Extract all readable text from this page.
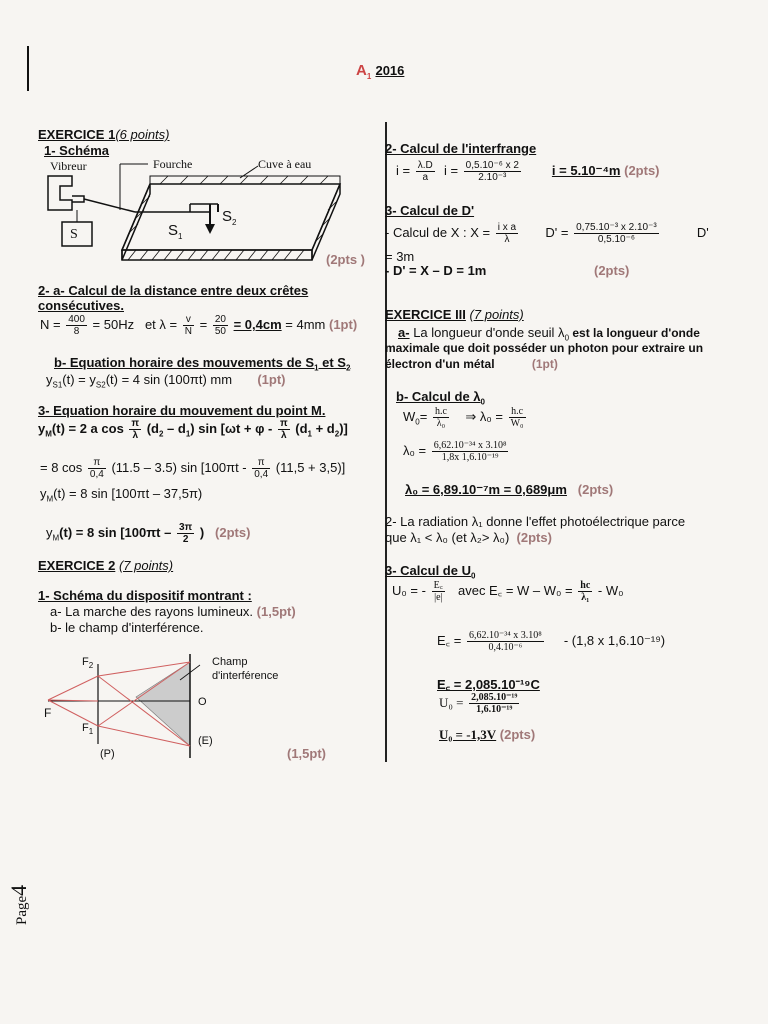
$A_1$ 2016
EXERCICE 1(6 points)
1- Schéma
Vibreur	Fourche	Cuve à eau
S	$S_1$
$S_2$
(2pts )
2- a- Calcul de la distance entre deux crêtes
consécutives.
$N = \frac{400}{8} = 50Hz$ et $\lambda = \frac{v}{N} = \frac{20}{50} = 0,4cm = 4mm$ (1pt)
b- Equation horaire des mouvements de $S_1$ et $S_2$
$y_{S1}(t) = y_{S2}(t) = 4$ sin (100πt) mm (1pt)
3- Equation horaire du mouvement du point M.
$y_M(t) = 2$ a $\cos \frac{\pi}{\lambda} (d_2 - d_1)$ $\sin [\omega t + \varphi - \frac{\pi}{\lambda} (d_1 + d_2)]$
= 8 $\cos \frac{\pi}{0,4} (11.5 - 3.5)$ $\sin [100\pi t - \frac{\pi}{0,4} (11,5 + 3,5)]$
$y_M(t) = 8$ sin [100πt – 37,5π)
$y_M(t) = 8$ $\sin [100\pi t - \frac{3\pi}{2}$ ) (2pts)
EXERCICE 2 (7 points)
1- Schéma du dispositif montrant :
a- La marche des rayons lumineux. (1,5pt)
b- le champ d'interférence.
$F_2$
$F_1$
F
O
(P)
(E)
Champ
d'interférence
(1,5pt)
2- Calcul de l'interfrange
$i = \frac{\lambda.D}{a}$ $i = \frac{\text{0,5.10⁻⁶ x 2}}{\text{2.10⁻³}}$ i = 5.10⁻⁴m (2pts)
3- Calcul de D'
- Calcul de X : $X = \frac{\text{i x a}}{\lambda} D' = \frac{\text{0,75.10⁻³ x 2.10⁻³}}{\text{0,5.10⁻⁶}}$	D'
= 3m
- D' = X – D = 1m	(2pts)
EXERCICE III (7 points)
a- La longueur d'onde seuil $\lambda_0$ est la longueur d'onde
maximale que doit posséder un photon pour extraire un
électron d'un métal	(1pt)
b- Calcul de $\lambda_0$
$W_0= \frac{h.c}{\text{λ₀}}$ ⇒ $\lambda_0 = \frac{h.c}{\text{W₀}}$
$\lambda_0 = \frac{\text{6,62.10⁻³⁴ x 3.10⁸}}{\text{1,8x 1,6.10⁻¹⁹}}$
λ₀ = 6,89.10⁻⁷m = 0,689μm (2pts)
2- La radiation λ₁ donne l'effet photoélectrique parce
que λ₁ < λ₀ (et λ₂> λ₀) (2pts)
3- Calcul de $U_0$
U₀ = - $\frac{E꜀}{|e|}$ avec E꜀ = $W - W_0 = \frac{hc}{\text{λ₁}} - W_0$
E꜀ = $\frac{\text{6,62.10⁻³⁴ x 3.10⁸}}{\text{0,4.10⁻⁶}} - (1,8$ x 1,6.10⁻¹⁹)
E꜀ = 2,085.10⁻¹⁹C
$U_0 = \frac{\text{2,085.10⁻¹⁹}}{\text{1,6.10⁻¹⁹}}$
U₀ = -1,3V (2pts)
Page4
